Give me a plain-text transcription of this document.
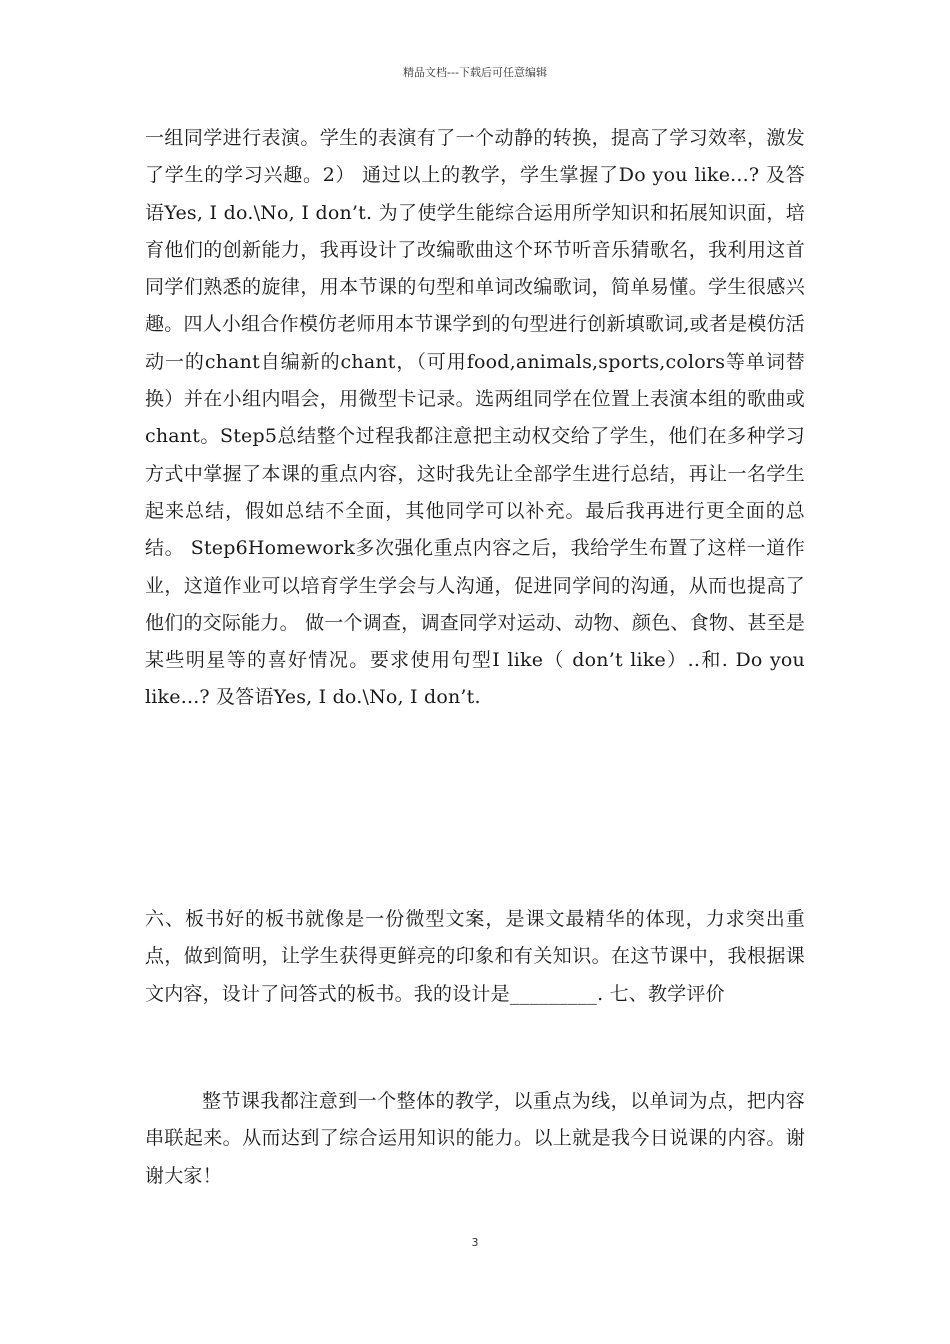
精品文档---下载后可任意编辑

一组同学进行表演。学生的表演有了一个动静的转换，提高了学习效率，激发了学生的学习兴趣。2） 通过以上的教学，学生掌握了Do you like...? 及答语Yes, I do.\No, I don’t. 为了使学生能综合运用所学知识和拓展知识面，培育他们的创新能力，我再设计了改编歌曲这个环节听音乐猜歌名，我利用这首同学们熟悉的旋律，用本节课的句型和单词改编歌词，简单易懂。学生很感兴趣。四人小组合作模仿老师用本节课学到的句型进行创新填歌词,或者是模仿活动一的chant自编新的chant，（可用food,animals,sports,colors等单词替换）并在小组内唱会，用微型卡记录。选两组同学在位置上表演本组的歌曲或chant。Step5总结整个过程我都注意把主动权交给了学生，他们在多种学习方式中掌握了本课的重点内容，这时我先让全部学生进行总结，再让一名学生起来总结，假如总结不全面，其他同学可以补充。最后我再进行更全面的总结。 Step6Homework多次强化重点内容之后，我给学生布置了这样一道作业，这道作业可以培育学生学会与人沟通，促进同学间的沟通，从而也提高了他们的交际能力。 做一个调查，调查同学对运动、动物、颜色、食物、甚至是某些明星等的喜好情况。要求使用句型I like（ don’t like）..和. Do you like...? 及答语Yes, I do.\No, I don’t.

六、板书好的板书就像是一份微型文案，是课文最精华的体现，力求突出重点，做到简明，让学生获得更鲜亮的印象和有关知识。在这节课中，我根据课文内容，设计了问答式的板书。我的设计是_________. 七、教学评价

整节课我都注意到一个整体的教学，以重点为线，以单词为点，把内容串联起来。从而达到了综合运用知识的能力。以上就是我今日说课的内容。谢谢大家！

3
